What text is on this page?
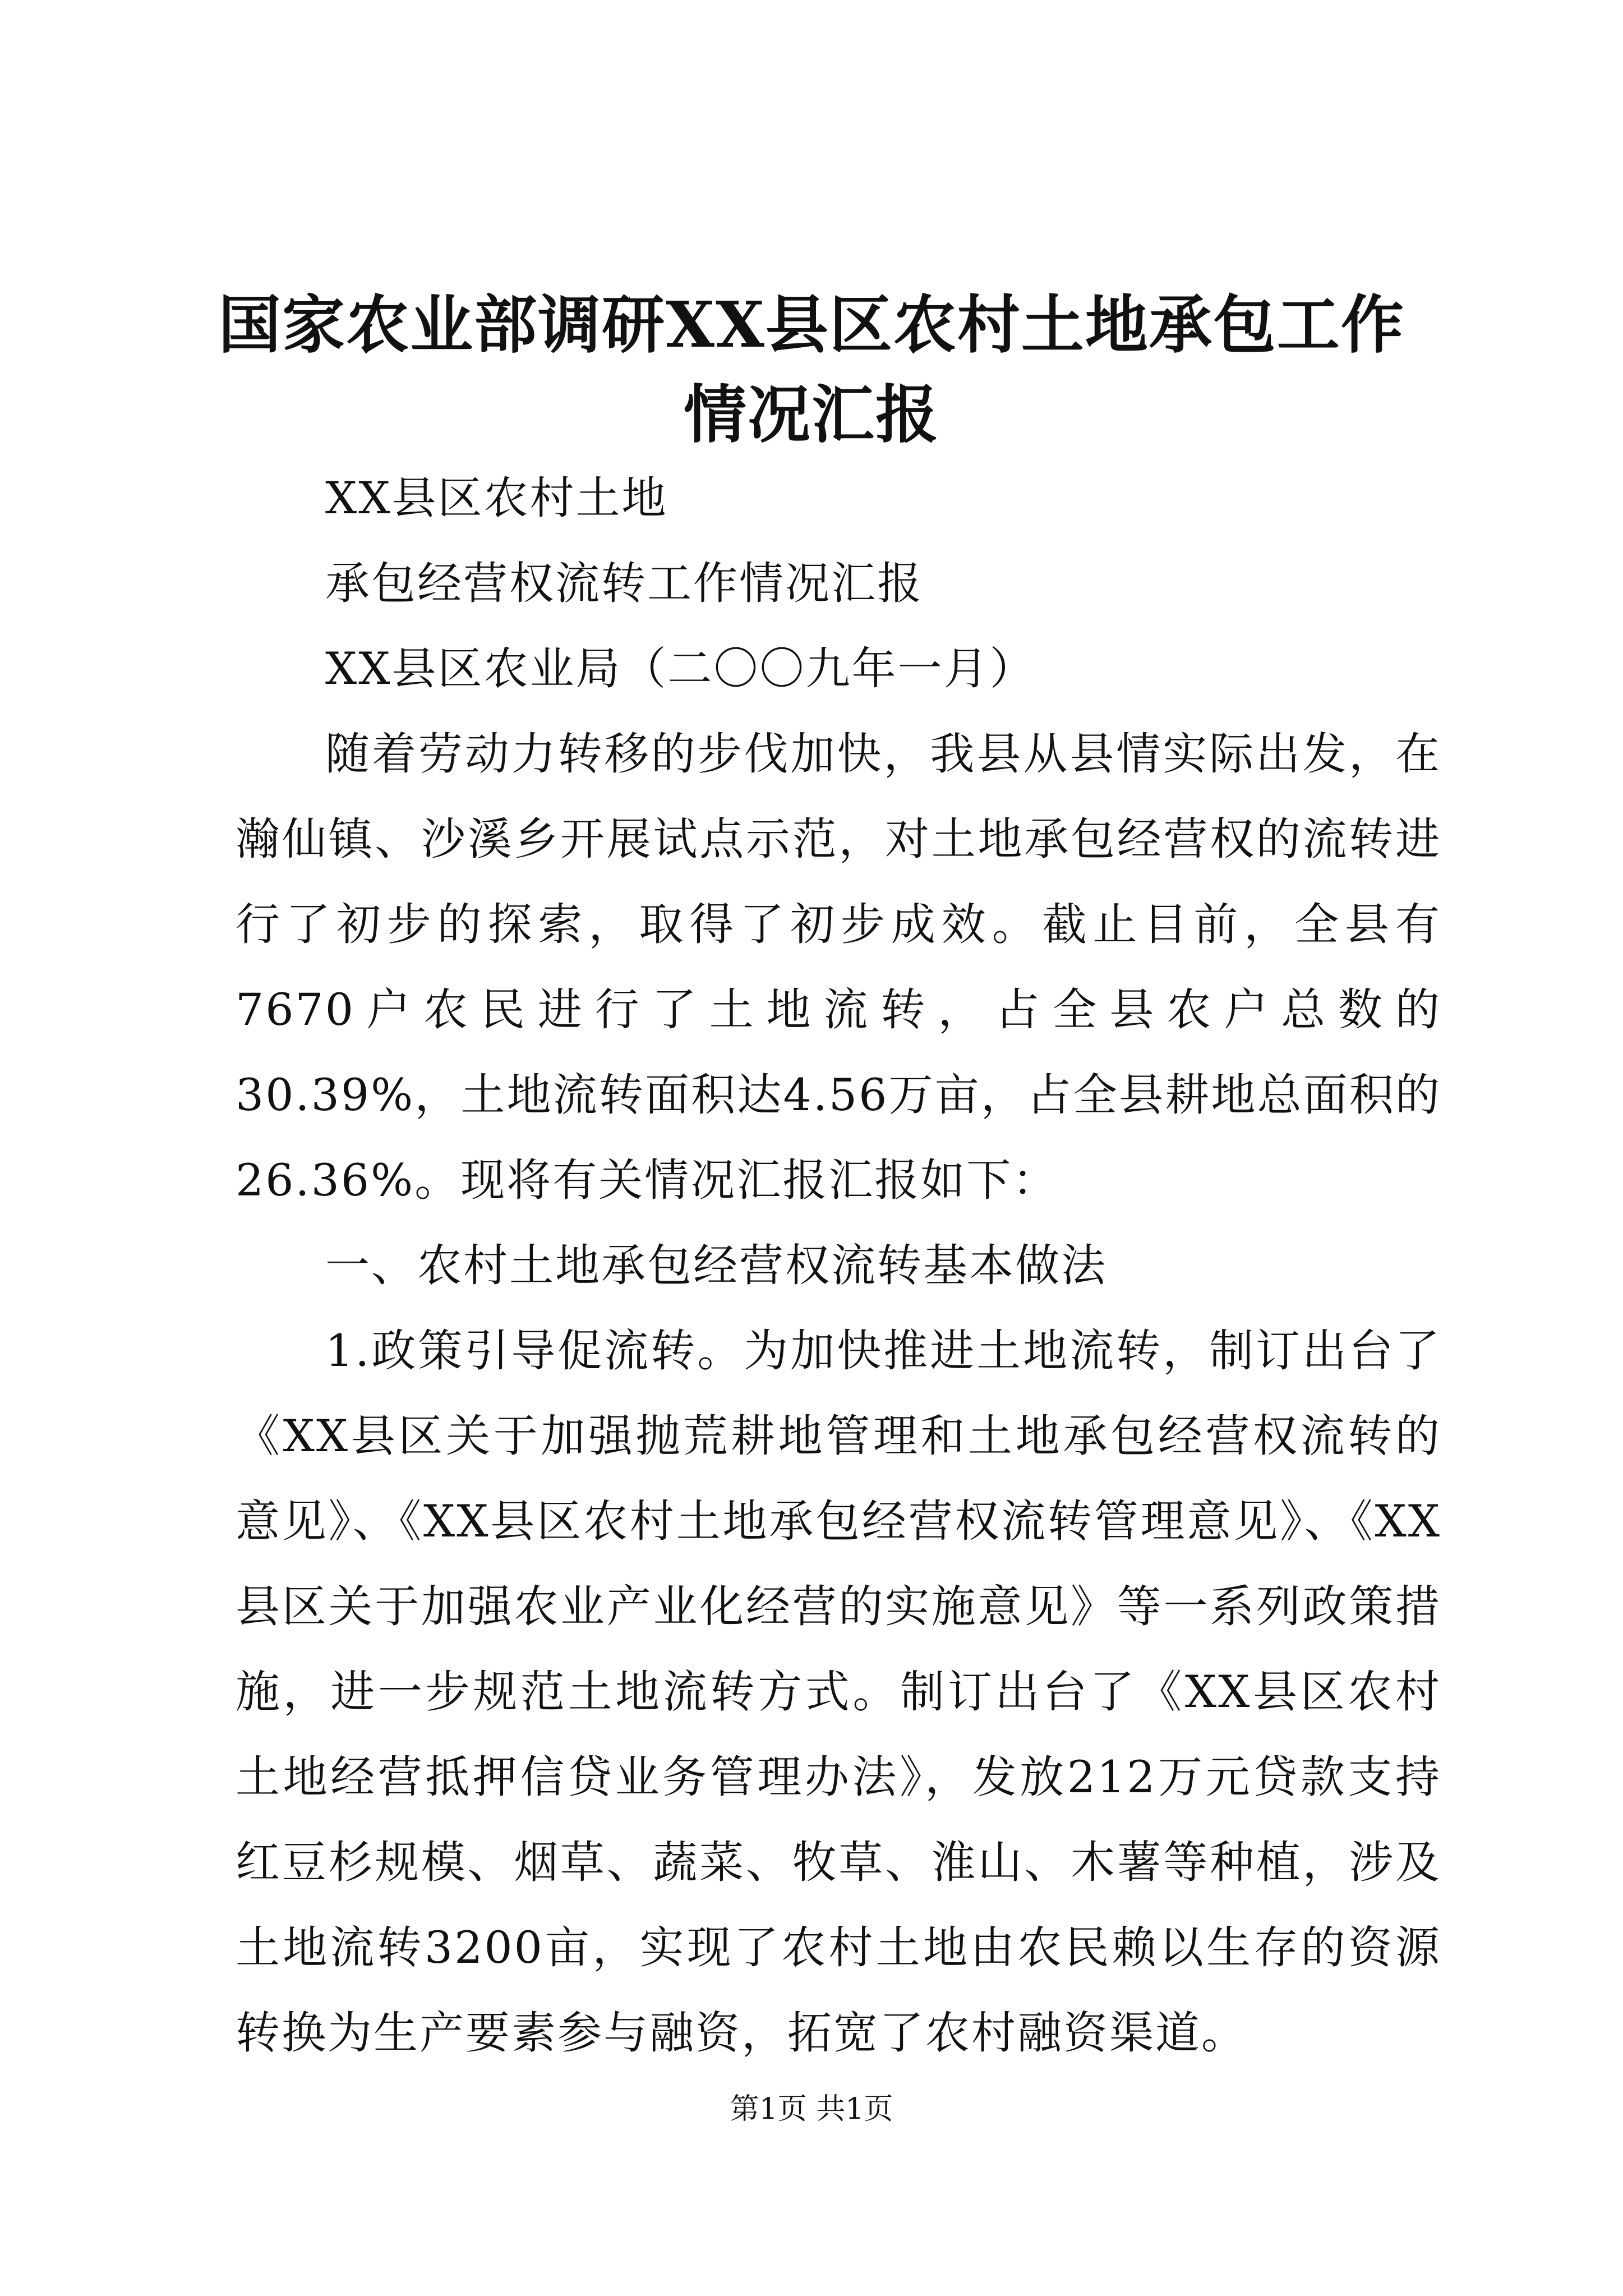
国家农业部调研XX县区农村土地承包工作情况汇报

XX县区农村土地

承包经营权流转工作情况汇报

XX县区农业局（二〇〇九年一月）

随着劳动力转移的步伐加快，我县从县情实际出发，在瀚仙镇、沙溪乡开展试点示范，对土地承包经营权的流转进行了初步的探索，取得了初步成效。截止目前，全县有7670户农民进行了土地流转，占全县农户总数的30.39%，土地流转面积达4.56万亩，占全县耕地总面积的26.36%。现将有关情况汇报汇报如下：

一、农村土地承包经营权流转基本做法

1.政策引导促流转。为加快推进土地流转，制订出台了《XX县区关于加强抛荒耕地管理和土地承包经营权流转的意见》、《XX县区农村土地承包经营权流转管理意见》、《XX县区关于加强农业产业化经营的实施意见》等一系列政策措施，进一步规范土地流转方式。制订出台了《XX县区农村土地经营抵押信贷业务管理办法》，发放212万元贷款支持红豆杉规模、烟草、蔬菜、牧草、淮山、木薯等种植，涉及土地流转3200亩，实现了农村土地由农民赖以生存的资源转换为生产要素参与融资，拓宽了农村融资渠道。

第1页 共1页
